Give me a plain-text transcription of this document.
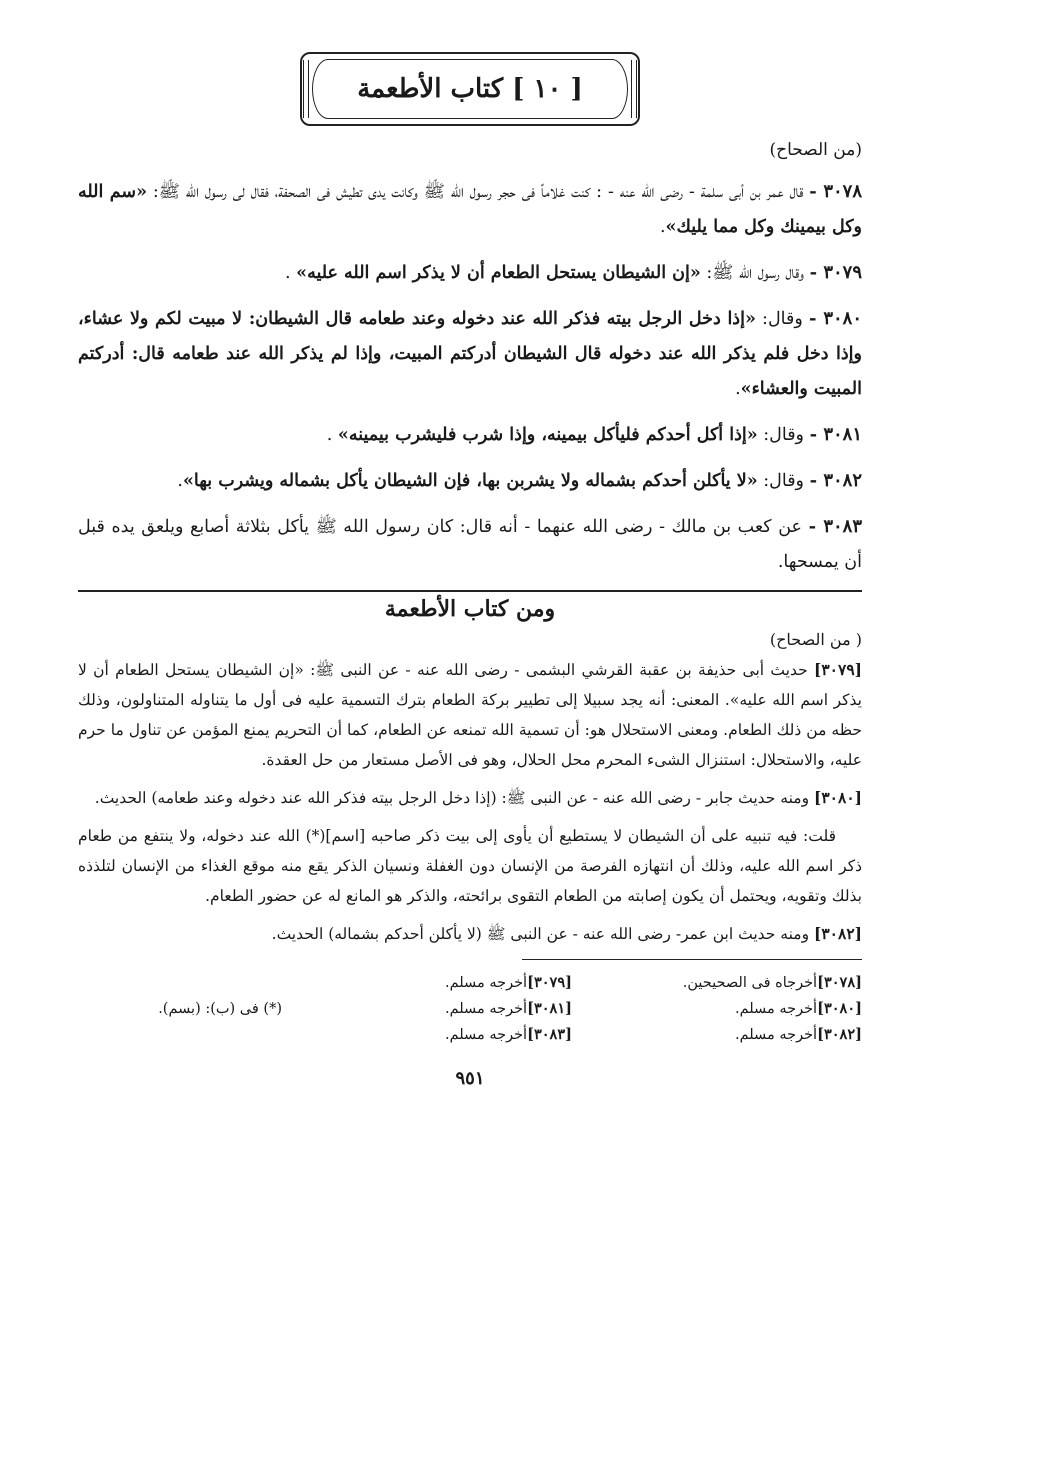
[ ١٠ ] كتاب الأطعمة
(من الصحاح)

٣٠٧٨ - قال عمر بن أبى سلمة - رضى الله عنه - : كنت غلاماً فى حجر رسول الله ﷺ وكانت يدى تطيش فى الصحفة، فقال لى رسول الله ﷺ: «سم الله وكل بيمينك وكل مما يليك».

٣٠٧٩ - وقال رسول الله ﷺ: «إن الشيطان يستحل الطعام أن لا يذكر اسم الله عليه» .

٣٠٨٠ - وقال: «إذا دخل الرجل بيته فذكر الله عند دخوله وعند طعامه قال الشيطان: لا مبيت لكم ولا عشاء، وإذا دخل فلم يذكر الله عند دخوله قال الشيطان أدركتم المبيت، وإذا لم يذكر الله عند طعامه قال: أدركتم المبيت والعشاء».

٣٠٨١ - وقال: «إذا أكل أحدكم فليأكل بيمينه، وإذا شرب فليشرب بيمينه» .

٣٠٨٢ - وقال: «لا يأكلن أحدكم بشماله ولا يشربن بها، فإن الشيطان يأكل بشماله ويشرب بها».

٣٠٨٣ - عن كعب بن مالك - رضى الله عنهما - أنه قال: كان رسول الله ﷺ يأكل بثلاثة أصابع ويلعق يده قبل أن يمسحها.

ومن كتاب الأطعمة
( من الصحاح)

[٣٠٧٩] حديث أبى حذيفة بن عقبة القرشي البشمى - رضى الله عنه - عن النبى ﷺ: «إن الشيطان يستحل الطعام أن لا يذكر اسم الله عليه». المعنى: أنه يجد سبيلا إلى تطيير بركة الطعام بترك التسمية عليه فى أول ما يتناوله المتناولون، وذلك حظه من ذلك الطعام. ومعنى الاستحلال هو: أن تسمية الله تمنعه عن الطعام، كما أن التحريم يمنع المؤمن عن تناول ما حرم عليه، والاستحلال: استنزال الشىء المحرم محل الحلال، وهو فى الأصل مستعار من حل العقدة.

[٣٠٨٠] ومنه حديث جابر - رضى الله عنه - عن النبى ﷺ: (إذا دخل الرجل بيته فذكر الله عند دخوله وعند طعامه) الحديث.

قلت: فيه تنبيه على أن الشيطان لا يستطيع أن يأوى إلى بيت ذكر صاحبه [اسم](*) الله عند دخوله، ولا ينتفع من طعام ذكر اسم الله عليه، وذلك أن انتهازه الفرصة من الإنسان دون الغفلة ونسيان الذكر يقع منه موقع الغذاء من الإنسان لتلذذه بذلك وتقويه، ويحتمل أن يكون إصابته من الطعام التقوى برائحته، والذكر هو المانع له عن حضور الطعام.

[٣٠٨٢] ومنه حديث ابن عمر- رضى الله عنه - عن النبى ﷺ (لا يأكلن أحدكم بشماله) الحديث.

[٣٠٧٨]أخرجاه فى الصحيحين.
[٣٠٨٠]أخرجه مسلم.
[٣٠٨٢]أخرجه مسلم.
[٣٠٧٩]أخرجه مسلم.
[٣٠٨١]أخرجه مسلم.
[٣٠٨٣]أخرجه مسلم.
(*) فى (ب): (بسم).
٩٥١
